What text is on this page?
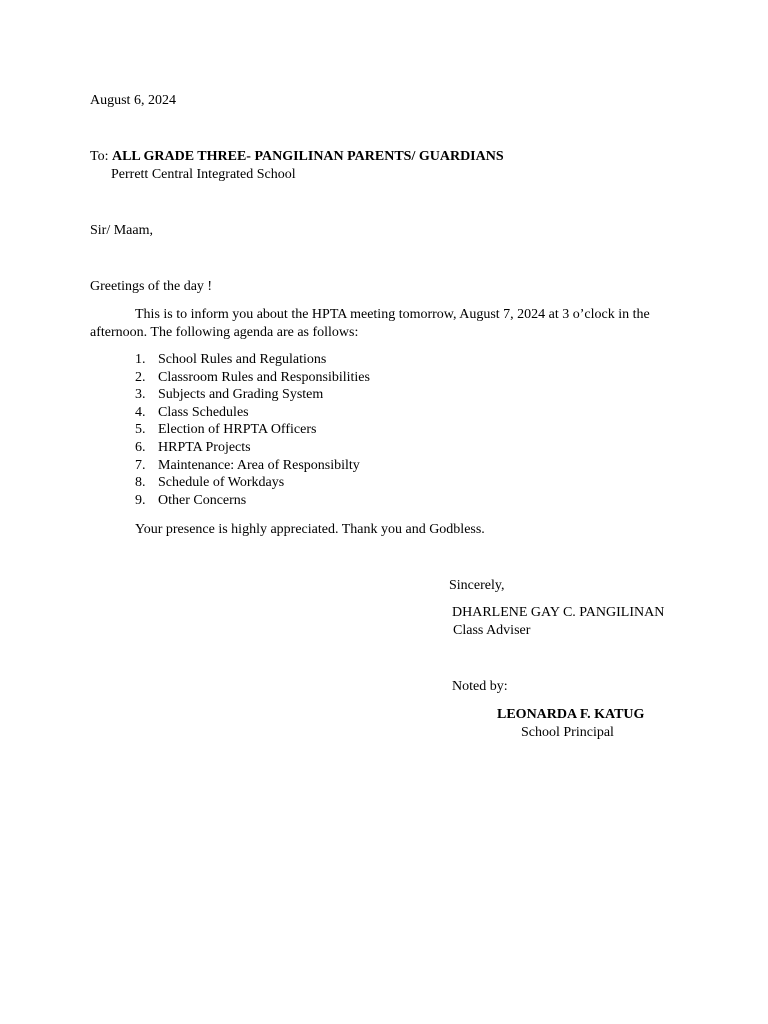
August 6, 2024
To: ALL GRADE THREE- PANGILINAN PARENTS/ GUARDIANS
Perrett Central Integrated School
Sir/ Maam,
Greetings of the day !
This is to inform you about the HPTA meeting tomorrow, August 7, 2024 at 3 o’clock in the afternoon. The following agenda are as follows:
1. School Rules and Regulations
2. Classroom Rules and Responsibilities
3. Subjects and Grading System
4. Class Schedules
5. Election of HRPTA Officers
6. HRPTA Projects
7. Maintenance: Area of Responsibilty
8. Schedule of Workdays
9. Other Concerns
Your presence is highly appreciated. Thank you and Godbless.
Sincerely,
DHARLENE GAY C. PANGILINAN
Class Adviser
Noted by:
LEONARDA F. KATUG
School Principal
